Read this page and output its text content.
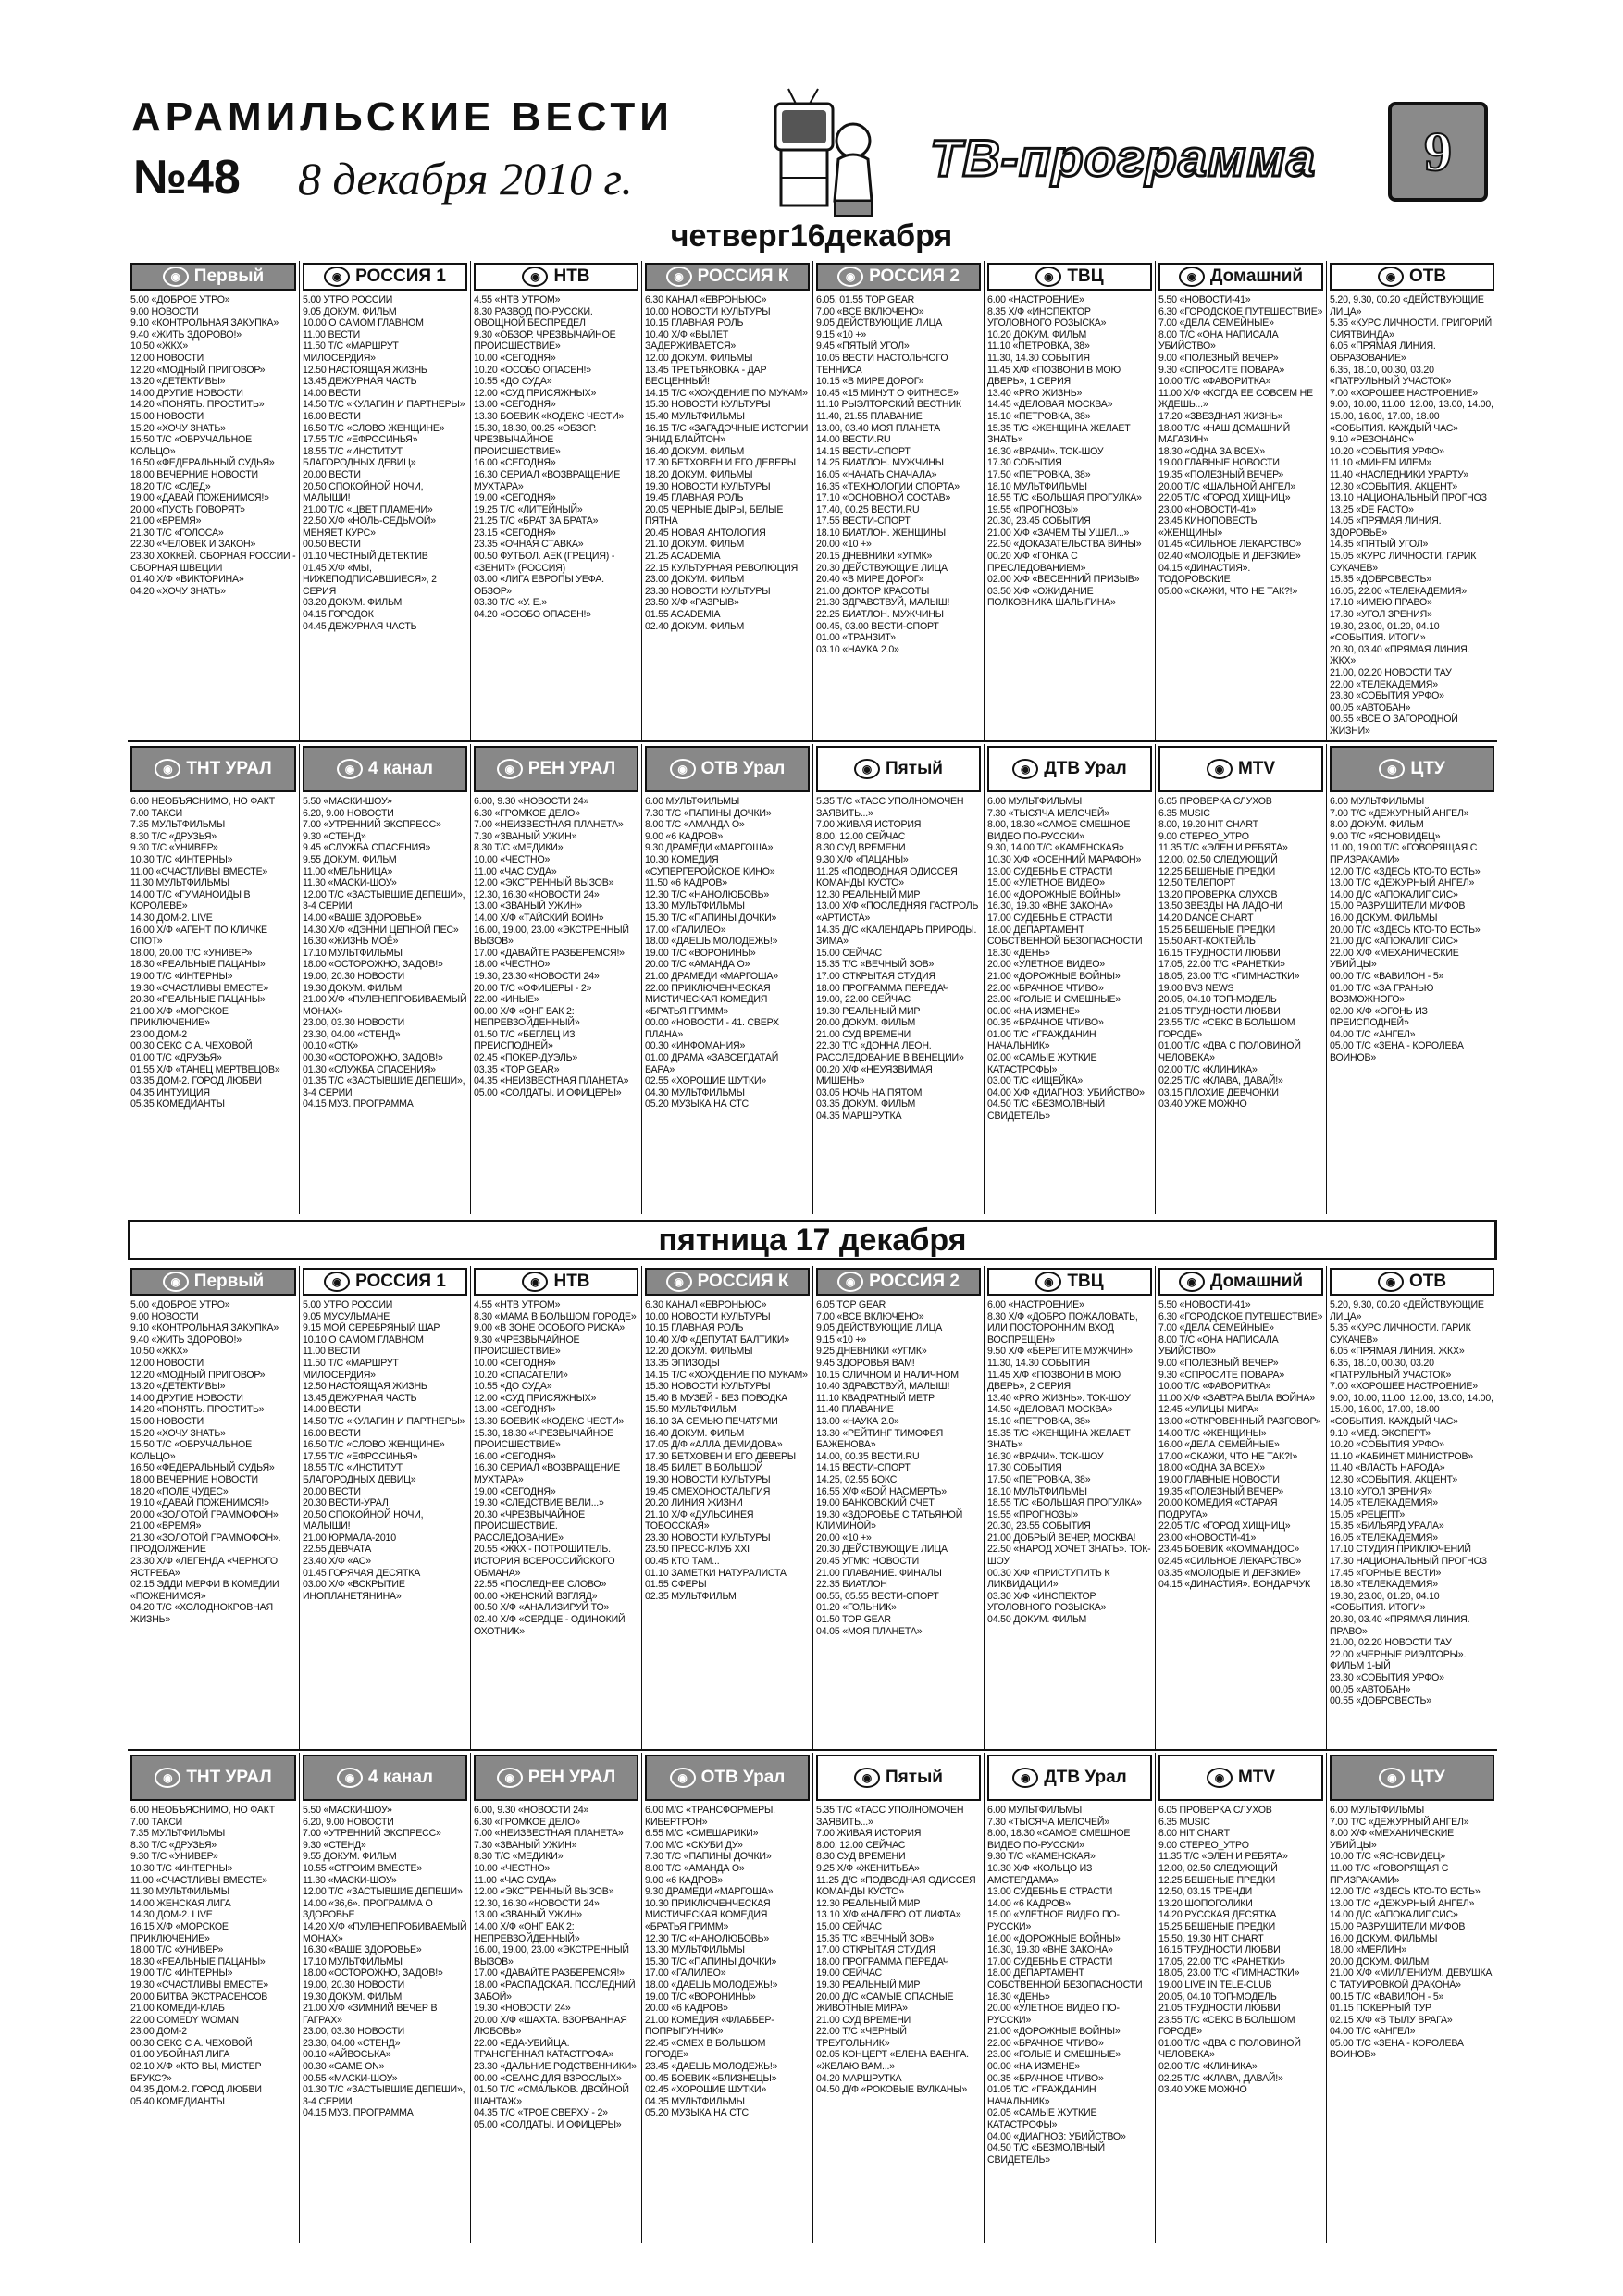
АРАМИЛЬСКИЕ ВЕСТИ
№48 8 декабря 2010 г.	ТВ-программа 9
четверг16декабря
◉ Первый
5.00 «ДОБРОЕ УТРО»
9.00 НОВОСТИ
9.10 «КОНТРОЛЬНАЯ ЗАКУПКА»
9.40 «ЖИТЬ ЗДОРОВО!»
10.50 «ЖКХ»
12.00 НОВОСТИ
12.20 «МОДНЫЙ ПРИГОВОР»
13.20 «ДЕТЕКТИВЫ»
14.00 ДРУГИЕ НОВОСТИ
14.20 «ПОНЯТЬ. ПРОСТИТЬ»
15.00 НОВОСТИ
15.20 «ХОЧУ ЗНАТЬ»
15.50 Т/С «ОБРУЧАЛЬНОЕ КОЛЬЦО»
16.50 «ФЕДЕРАЛЬНЫЙ СУДЬЯ»
18.00 ВЕЧЕРНИЕ НОВОСТИ
18.20 Т/С «СЛЕД»
19.00 «ДАВАЙ ПОЖЕНИМСЯ!»
20.00 «ПУСТЬ ГОВОРЯТ»
21.00 «ВРЕМЯ»
21.30 Т/С «ГОЛОСА»
22.30 «ЧЕЛОВЕК И ЗАКОН»
23.30 ХОККЕЙ. СБОРНАЯ РОССИИ - СБОРНАЯ ШВЕЦИИ
01.40 Х/Ф «ВИКТОРИНА»
04.20 «ХОЧУ ЗНАТЬ»
◉ РОССИЯ 1
5.00 УТРО РОССИИ
9.05 ДОКУМ. ФИЛЬМ
10.00 О САМОМ ГЛАВНОМ
11.00 ВЕСТИ
11.50 Т/С «МАРШРУТ МИЛОСЕРДИЯ»
12.50 НАСТОЯЩАЯ ЖИЗНЬ
13.45 ДЕЖУРНАЯ ЧАСТЬ
14.00 ВЕСТИ
14.50 Т/С «КУЛАГИН И ПАРТНЕРЫ»
16.00 ВЕСТИ
16.50 Т/С «СЛОВО ЖЕНЩИНЕ»
17.55 Т/С «ЕФРОСИНЬЯ»
18.55 Т/С «ИНСТИТУТ БЛАГОРОДНЫХ ДЕВИЦ»
20.00 ВЕСТИ
20.50 СПОКОЙНОЙ НОЧИ, МАЛЫШИ!
21.00 Т/С «ЦВЕТ ПЛАМЕНИ»
22.50 Х/Ф «НОЛЬ-СЕДЬМОЙ» МЕНЯЕТ КУРС»
00.50 ВЕСТИ
01.10 ЧЕСТНЫЙ ДЕТЕКТИВ
01.45 Х/Ф «МЫ, НИЖЕПОДПИСАВШИЕСЯ», 2 СЕРИЯ
03.20 ДОКУМ. ФИЛЬМ
04.15 ГОРОДОК
04.45 ДЕЖУРНАЯ ЧАСТЬ
◉ НТВ
4.55 «НТВ УТРОМ»
8.30 РАЗВОД ПО-РУССКИ. ОВОЩНОЙ БЕСПРЕДЕЛ
9.30 «ОБЗОР. ЧРЕЗВЫЧАЙНОЕ ПРОИСШЕСТВИЕ»
10.00 «СЕГОДНЯ»
10.20 «ОСОБО ОПАСЕН!»
10.55 «ДО СУДА»
12.00 «СУД ПРИСЯЖНЫХ»
13.00 «СЕГОДНЯ»
13.30 БОЕВИК «КОДЕКС ЧЕСТИ»
15.30, 18.30, 00.25 «ОБЗОР. ЧРЕЗВЫЧАЙНОЕ ПРОИСШЕСТВИЕ»
16.00 «СЕГОДНЯ»
16.30 СЕРИАЛ «ВОЗВРАЩЕНИЕ МУХТАРА»
19.00 «СЕГОДНЯ»
19.25 Т/С «ЛИТЕЙНЫЙ»
21.25 Т/С «БРАТ ЗА БРАТА»
23.15 «СЕГОДНЯ»
23.35 «ОЧНАЯ СТАВКА»
00.50 ФУТБОЛ. АЕК (ГРЕЦИЯ) - «ЗЕНИТ» (РОССИЯ)
03.00 «ЛИГА ЕВРОПЫ УЕФА. ОБЗОР»
03.30 Т/С «У. Е.»
04.20 «ОСОБО ОПАСЕН!»
◉ РОССИЯ К
6.30 КАНАЛ «ЕВРОНЬЮС»
10.00 НОВОСТИ КУЛЬТУРЫ
10.15 ГЛАВНАЯ РОЛЬ
10.40 Х/Ф «ВЫЛЕТ ЗАДЕРЖИВАЕТСЯ»
12.00 ДОКУМ. ФИЛЬМЫ
13.45 ТРЕТЬЯКОВКА - ДАР БЕСЦЕННЫЙ!
14.15 Т/С «ХОЖДЕНИЕ ПО МУКАМ»
15.30 НОВОСТИ КУЛЬТУРЫ
15.40 МУЛЬТФИЛЬМЫ
16.15 Т/С «ЗАГАДОЧНЫЕ ИСТОРИИ ЭНИД БЛАЙТОН»
16.40 ДОКУМ. ФИЛЬМ
17.30 БЕТХОВЕН И ЕГО ДЕВЕРЫ
18.20 ДОКУМ. ФИЛЬМЫ
19.30 НОВОСТИ КУЛЬТУРЫ
19.45 ГЛАВНАЯ РОЛЬ
20.05 ЧЕРНЫЕ ДЫРЫ, БЕЛЫЕ ПЯТНА
20.45 НОВАЯ АНТОЛОГИЯ
21.10 ДОКУМ. ФИЛЬМ
21.25 ACADEMIA
22.15 КУЛЬТУРНАЯ РЕВОЛЮЦИЯ
23.00 ДОКУМ. ФИЛЬМ
23.30 НОВОСТИ КУЛЬТУРЫ
23.50 Х/Ф «РАЗРЫВ»
01.55 ACADEMIA
02.40 ДОКУМ. ФИЛЬМ
◉ РОССИЯ 2
6.05, 01.55 TOP GEAR
7.00 «ВСЕ ВКЛЮЧЕНО»
9.05 ДЕЙСТВУЮЩИЕ ЛИЦА
9.15 «10 +»
9.45 «ПЯТЫЙ УГОЛ»
10.05 ВЕСТИ НАСТОЛЬНОГО ТЕННИСА
10.15 «В МИРЕ ДОРОГ»
10.45 «15 МИНУТ О ФИТНЕСЕ»
11.10 РЫЭЛТОРСКИЙ ВЕСТНИК
11.40, 21.55 ПЛАВАНИЕ
13.00, 03.40 МОЯ ПЛАНЕТА
14.00 ВЕСТИ.RU
14.15 ВЕСТИ-СПОРТ
14.25 БИАТЛОН. МУЖЧИНЫ
16.05 «НАЧАТЬ СНАЧАЛА»
16.35 «ТЕХНОЛОГИИ СПОРТА»
17.10 «ОСНОВНОЙ СОСТАВ»
17.40, 00.25 ВЕСТИ.RU
17.55 ВЕСТИ-СПОРТ
18.10 БИАТЛОН. ЖЕНЩИНЫ
20.00 «10 +»
20.15 ДНЕВНИКИ «УГМК»
20.30 ДЕЙСТВУЮЩИЕ ЛИЦА
20.40 «В МИРЕ ДОРОГ»
21.00 ДОКТОР КРАСОТЫ
21.30 ЗДРАВСТВУЙ, МАЛЫШ!
22.25 БИАТЛОН. МУЖЧИНЫ
00.45, 03.00 ВЕСТИ-СПОРТ
01.00 «ТРАНЗИТ»
03.10 «НАУКА 2.0»
◉ ТВЦ
6.00 «НАСТРОЕНИЕ»
8.35 Х/Ф «ИНСПЕКТОР УГОЛОВНОГО РОЗЫСКА»
10.20 ДОКУМ. ФИЛЬМ
11.10 «ПЕТРОВКА, 38»
11.30, 14.30 СОБЫТИЯ
11.45 Х/Ф «ПОЗВОНИ В МОЮ ДВЕРЬ», 1 СЕРИЯ
13.40 «PRO ЖИЗНЬ»
14.45 «ДЕЛОВАЯ МОСКВА»
15.10 «ПЕТРОВКА, 38»
15.35 Т/С «ЖЕНЩИНА ЖЕЛАЕТ ЗНАТЬ»
16.30 «ВРАЧИ». ТОК-ШОУ
17.30 СОБЫТИЯ
17.50 «ПЕТРОВКА, 38»
18.10 МУЛЬТФИЛЬМЫ
18.55 Т/С «БОЛЬШАЯ ПРОГУЛКА»
19.55 «ПРОГНОЗЫ»
20.30, 23.45 СОБЫТИЯ
21.00 Х/Ф «ЗАЧЕМ ТЫ УШЕЛ...»
22.50 «ДОКАЗАТЕЛЬСТВА ВИНЫ»
00.20 Х/Ф «ГОНКА С ПРЕСЛЕДОВАНИЕМ»
02.00 Х/Ф «ВЕСЕННИЙ ПРИЗЫВ»
03.50 Х/Ф «ОЖИДАНИЕ ПОЛКОВНИКА ШАЛЫГИНА»
◉ Домашний
5.50 «НОВОСТИ-41»
6.30 «ГОРОДСКОЕ ПУТЕШЕСТВИЕ»
7.00 «ДЕЛА СЕМЕЙНЫЕ»
8.00 Т/С «ОНА НАПИСАЛА УБИЙСТВО»
9.00 «ПОЛЕЗНЫЙ ВЕЧЕР»
9.30 «СПРОСИТЕ ПОВАРА»
10.00 Т/С «ФАВОРИТКА»
11.00 Х/Ф «КОГДА ЕЕ СОВСЕМ НЕ ЖДЕШЬ...»
17.20 «ЗВЕЗДНАЯ ЖИЗНЬ»
18.00 Т/С «НАШ ДОМАШНИЙ МАГАЗИН»
18.30 «ОДНА ЗА ВСЕХ»
19.00 ГЛАВНЫЕ НОВОСТИ
19.35 «ПОЛЕЗНЫЙ ВЕЧЕР»
20.00 Т/С «ШАЛЬНОЙ АНГЕЛ»
22.05 Т/С «ГОРОД ХИЩНИЦ»
23.00 «НОВОСТИ-41»
23.45 КИНОПОВЕСТЬ «ЖЕНЩИНЫ»
01.45 «СИЛЬНОЕ ЛЕКАРСТВО»
02.40 «МОЛОДЫЕ И ДЕРЗКИЕ»
04.15 «ДИНАСТИЯ». ТОДОРОВСКИЕ
05.00 «СКАЖИ, ЧТО НЕ ТАК?!»
◉ ОТВ
5.20, 9.30, 00.20 «ДЕЙСТВУЮЩИЕ ЛИЦА»
5.35 «КУРС ЛИЧНОСТИ. ГРИГОРИЙ СИЯТВИНДА»
6.05 «ПРЯМАЯ ЛИНИЯ. ОБРАЗОВАНИЕ»
6.35, 18.10, 00.30, 03.20 «ПАТРУЛЬНЫЙ УЧАСТОК»
7.00 «ХОРОШЕЕ НАСТРОЕНИЕ»
9.00, 10.00, 11.00, 12.00, 13.00, 14.00, 15.00, 16.00, 17.00, 18.00 «СОБЫТИЯ. КАЖДЫЙ ЧАС»
9.10 «РЕЗОНАНС»
10.20 «СОБЫТИЯ УРФО»
11.10 «МИНЕМ ИЛЕМ»
11.40 «НАСЛЕДНИКИ УРАРТУ»
12.30 «СОБЫТИЯ. АКЦЕНТ»
13.10 НАЦИОНАЛЬНЫЙ ПРОГНОЗ
13.25 «DE FACTO»
14.05 «ПРЯМАЯ ЛИНИЯ. ЗДОРОВЬЕ»
14.35 «ПЯТЫЙ УГОЛ»
15.05 «КУРС ЛИЧНОСТИ. ГАРИК СУКАЧЕВ»
15.35 «ДОБРОВЕСТЬ»
16.05, 22.00 «ТЕЛЕКАДЕМИЯ»
17.10 «ИМЕЮ ПРАВО»
17.30 «УГОЛ ЗРЕНИЯ»
19.30, 23.00, 01.20, 04.10 «СОБЫТИЯ. ИТОГИ»
20.30, 03.40 «ПРЯМАЯ ЛИНИЯ. ЖКХ»
21.00, 02.20 НОВОСТИ ТАУ
22.00 «ТЕЛЕКАДЕМИЯ»
23.30 «СОБЫТИЯ УРФО»
00.05 «АВТОБАН»
00.55 «ВСЕ О ЗАГОРОДНОЙ ЖИЗНИ»
◉ ТНТ УРАЛ
6.00 НЕОБЪЯСНИМО, НО ФАКТ
7.00 ТАКСИ
7.35 МУЛЬТФИЛЬМЫ
8.30 Т/С «ДРУЗЬЯ»
9.30 Т/С «УНИВЕР»
10.30 Т/С «ИНТЕРНЫ»
11.00 «СЧАСТЛИВЫ ВМЕСТЕ»
11.30 МУЛЬТФИЛЬМЫ
14.00 Т/С «ГУМАНОИДЫ В КОРОЛЕВЕ»
14.30 ДОМ-2. LIVE
16.00 Х/Ф «АГЕНТ ПО КЛИЧКЕ СПОТ»
18.00, 20.00 Т/С «УНИВЕР»
18.30 «РЕАЛЬНЫЕ ПАЦАНЫ»
19.00 Т/С «ИНТЕРНЫ»
19.30 «СЧАСТЛИВЫ ВМЕСТЕ»
20.30 «РЕАЛЬНЫЕ ПАЦАНЫ»
21.00 Х/Ф «МОРСКОЕ ПРИКЛЮЧЕНИЕ»
23.00 ДОМ-2
00.30 СЕКС С А. ЧЕХОВОЙ
01.00 Т/С «ДРУЗЬЯ»
01.55 Х/Ф «ТАНЕЦ МЕРТВЕЦОВ»
03.35 ДОМ-2. ГОРОД ЛЮБВИ
04.35 ИНТУИЦИЯ
05.35 КОМЕДИАНТЫ
◉ 4 канал
5.50 «МАСКИ-ШОУ»
6.20, 9.00 НОВОСТИ
7.00 «УТРЕННИЙ ЭКСПРЕСС»
9.30 «СТЕНД»
9.45 «СЛУЖБА СПАСЕНИЯ»
9.55 ДОКУМ. ФИЛЬМ
11.00 «МЕЛЬНИЦА»
11.30 «МАСКИ-ШОУ»
12.00 Т/С «ЗАСТЫВШИЕ ДЕПЕШИ», 3-4 СЕРИИ
14.00 «ВАШЕ ЗДОРОВЬЕ»
14.30 Х/Ф «ДЭННИ ЦЕПНОЙ ПЕС»
16.30 «ЖИЗНЬ МОЁ»
17.10 МУЛЬТФИЛЬМЫ
18.00 «ОСТОРОЖНО, ЗАДОВ!»
19.00, 20.30 НОВОСТИ
19.30 ДОКУМ. ФИЛЬМ
21.00 Х/Ф «ПУЛЕНЕПРОБИВАЕМЫЙ МОНАХ»
23.00, 03.30 НОВОСТИ
23.30, 04.00 «СТЕНД»
00.10 «ОТК»
00.30 «ОСТОРОЖНО, ЗАДОВ!»
01.30 «СЛУЖБА СПАСЕНИЯ»
01.35 Т/С «ЗАСТЫВШИЕ ДЕПЕШИ», 3-4 СЕРИИ
04.15 МУЗ. ПРОГРАММА
◉ РЕН УРАЛ
6.00, 9.30 «НОВОСТИ 24»
6.30 «ГРОМКОЕ ДЕЛО»
7.00 «НЕИЗВЕСТНАЯ ПЛАНЕТА»
7.30 «ЗВАНЫЙ УЖИН»
8.30 Т/С «МЕДИКИ»
10.00 «ЧЕСТНО»
11.00 «ЧАС СУДА»
12.00 «ЭКСТРЕННЫЙ ВЫЗОВ»
12.30, 16.30 «НОВОСТИ 24»
13.00 «ЗВАНЫЙ УЖИН»
14.00 Х/Ф «ТАЙСКИЙ ВОИН»
16.00, 19.00, 23.00 «ЭКСТРЕННЫЙ ВЫЗОВ»
17.00 «ДАВАЙТЕ РАЗБЕРЕМСЯ!»
18.00 «ЧЕСТНО»
19.30, 23.30 «НОВОСТИ 24»
20.00 Т/С «ОФИЦЕРЫ - 2»
22.00 «ИНЫЕ»
00.00 Х/Ф «ОНГ БАК 2: НЕПРЕВЗОЙДЕННЫЙ»
01.50 Т/С «БЕГЛЕЦ ИЗ ПРЕИСПОДНЕЙ»
02.45 «ПОКЕР-ДУЭЛЬ»
03.35 «TOP GEAR»
04.35 «НЕИЗВЕСТНАЯ ПЛАНЕТА»
05.00 «СОЛДАТЫ. И ОФИЦЕРЫ»
◉ ОТВ Урал
6.00 МУЛЬТФИЛЬМЫ
7.30 Т/С «ПАПИНЫ ДОЧКИ»
8.00 Т/С «АМАНДА О»
9.00 «6 КАДРОВ»
9.30 ДРАМЕДИ «МАРГОША»
10.30 КОМЕДИЯ «СУПЕРГЕРОЙСКОЕ КИНО»
11.50 «6 КАДРОВ»
12.30 Т/С «НАНОЛЮБОВЬ»
13.30 МУЛЬТФИЛЬМЫ
15.30 Т/С «ПАПИНЫ ДОЧКИ»
17.00 «ГАЛИЛЕО»
18.00 «ДАЕШЬ МОЛОДЕЖЬ!»
19.00 Т/С «ВОРОНИНЫ»
20.00 Т/С «АМАНДА О»
21.00 ДРАМЕДИ «МАРГОША»
22.00 ПРИКЛЮЧЕНЧЕСКАЯ МИСТИЧЕСКАЯ КОМЕДИЯ «БРАТЬЯ ГРИММ»
00.00 «НОВОСТИ - 41. СВЕРХ ПЛАНА»
00.30 «ИНФОМАНИЯ»
01.00 ДРАМА «ЗАВСЕГДАТАЙ БАРА»
02.55 «ХОРОШИЕ ШУТКИ»
04.30 МУЛЬТФИЛЬМЫ
05.20 МУЗЫКА НА СТС
◉ Пятый
5.35 Т/С «ТАСС УПОЛНОМОЧЕН ЗАЯВИТЬ...»
7.00 ЖИВАЯ ИСТОРИЯ
8.00, 12.00 СЕЙЧАС
8.30 СУД ВРЕМЕНИ
9.30 Х/Ф «ПАЦАНЫ»
11.25 «ПОДВОДНАЯ ОДИССЕЯ КОМАНДЫ КУСТО»
12.30 РЕАЛЬНЫЙ МИР
13.00 Х/Ф «ПОСЛЕДНЯЯ ГАСТРОЛЬ «АРТИСТА»
14.35 Д/С «КАЛЕНДАРЬ ПРИРОДЫ. ЗИМА»
15.00 СЕЙЧАС
15.35 Т/С «ВЕЧНЫЙ ЗОВ»
17.00 ОТКРЫТАЯ СТУДИЯ
18.00 ПРОГРАММА ПЕРЕДАЧ
19.00, 22.00 СЕЙЧАС
19.30 РЕАЛЬНЫЙ МИР
20.00 ДОКУМ. ФИЛЬМ
21.00 СУД ВРЕМЕНИ
22.30 Т/С «ДОННА ЛЕОН. РАССЛЕДОВАНИЕ В ВЕНЕЦИИ»
00.20 Х/Ф «НЕУЯЗВИМАЯ МИШЕНЬ»
03.05 НОЧЬ НА ПЯТОМ
03.35 ДОКУМ. ФИЛЬМ
04.35 МАРШРУТКА
◉ ДТВ Урал
6.00 МУЛЬТФИЛЬМЫ
7.30 «ТЫСЯЧА МЕЛОЧЕЙ»
8.00, 18.30 «САМОЕ СМЕШНОЕ ВИДЕО ПО-РУССКИ»
9.30, 14.00 Т/С «КАМЕНСКАЯ»
10.30 Х/Ф «ОСЕННИЙ МАРАФОН»
13.00 СУДЕБНЫЕ СТРАСТИ
15.00 «УЛЕТНОЕ ВИДЕО»
16.00 «ДОРОЖНЫЕ ВОЙНЫ»
16.30, 19.30 «ВНЕ ЗАКОНА»
17.00 СУДЕБНЫЕ СТРАСТИ
18.00 ДЕПАРТАМЕНТ СОБСТВЕННОЙ БЕЗОПАСНОСТИ
18.30 «ДЕНЬ»
20.00 «УЛЕТНОЕ ВИДЕО»
21.00 «ДОРОЖНЫЕ ВОЙНЫ»
22.00 «БРАЧНОЕ ЧТИВО»
23.00 «ГОЛЫЕ И СМЕШНЫЕ»
00.00 «НА ИЗМЕНЕ»
00.35 «БРАЧНОЕ ЧТИВО»
01.00 Т/С «ГРАЖДАНИН НАЧАЛЬНИК»
02.00 «САМЫЕ ЖУТКИЕ КАТАСТРОФЫ»
03.00 Т/С «ИЩЕЙКА»
04.00 Х/Ф «ДИАГНОЗ: УБИЙСТВО»
04.50 Т/С «БЕЗМОЛВНЫЙ СВИДЕТЕЛЬ»
◉ MTV
6.05 ПРОВЕРКА СЛУХОВ
6.35 MUSIC
8.00, 19.20 HIT CHART
9.00 СТЕРЕО_УТРО
11.35 Т/С «ЭЛЕН И РЕБЯТА»
12.00, 02.50 СЛЕДУЮЩИЙ
12.25 БЕШЕНЫЕ ПРЕДКИ
12.50 ТЕЛЕПОРТ
13.20 ПРОВЕРКА СЛУХОВ
13.50 ЗВЕЗДЫ НА ЛАДОНИ
14.20 DANCE CHART
15.25 БЕШЕНЫЕ ПРЕДКИ
15.50 ART-КОКТЕЙЛЬ
16.15 ТРУДНОСТИ ЛЮБВИ
17.05, 22.00 Т/С «РАНЕТКИ»
18.05, 23.00 Т/С «ГИМНАСТКИ»
19.00 BV3 NEWS
20.05, 04.10 ТОП-МОДЕЛЬ
21.05 ТРУДНОСТИ ЛЮБВИ
23.55 Т/С «СЕКС В БОЛЬШОМ ГОРОДЕ»
01.00 Т/С «ДВА С ПОЛОВИНОЙ ЧЕЛОВЕКА»
02.00 Т/С «КЛИНИКА»
02.25 Т/С «КЛАВА, ДАВАЙ!»
03.15 ПЛОХИЕ ДЕВЧОНКИ
03.40 УЖЕ МОЖНО
◉ ЦТУ
6.00 МУЛЬТФИЛЬМЫ
7.00 Т/С «ДЕЖУРНЫЙ АНГЕЛ»
8.00 ДОКУМ. ФИЛЬМ
9.00 Т/С «ЯСНОВИДЕЦ»
11.00, 19.00 Т/С «ГОВОРЯЩАЯ С ПРИЗРАКАМИ»
12.00 Т/С «ЗДЕСЬ КТО-ТО ЕСТЬ»
13.00 Т/С «ДЕЖУРНЫЙ АНГЕЛ»
14.00 Д/С «АПОКАЛИПСИС»
15.00 РАЗРУШИТЕЛИ МИФОВ
16.00 ДОКУМ. ФИЛЬМЫ
20.00 Т/С «ЗДЕСЬ КТО-ТО ЕСТЬ»
21.00 Д/С «АПОКАЛИПСИС»
22.00 Х/Ф «МЕХАНИЧЕСКИЕ УБИЙЦЫ»
00.00 Т/С «ВАВИЛОН - 5»
01.00 Т/С «ЗА ГРАНЬЮ ВОЗМОЖНОГО»
02.00 Х/Ф «ОГОНЬ ИЗ ПРЕИСПОДНЕЙ»
04.00 Т/С «АНГЕЛ»
05.00 Т/С «ЗЕНА - КОРОЛЕВА ВОИНОВ»
пятница 17 декабря
◉ Первый
5.00 «ДОБРОЕ УТРО»
9.00 НОВОСТИ
9.10 «КОНТРОЛЬНАЯ ЗАКУПКА»
9.40 «ЖИТЬ ЗДОРОВО!»
10.50 «ЖКХ»
12.00 НОВОСТИ
12.20 «МОДНЫЙ ПРИГОВОР»
13.20 «ДЕТЕКТИВЫ»
14.00 ДРУГИЕ НОВОСТИ
14.20 «ПОНЯТЬ. ПРОСТИТЬ»
15.00 НОВОСТИ
15.20 «ХОЧУ ЗНАТЬ»
15.50 Т/С «ОБРУЧАЛЬНОЕ КОЛЬЦО»
16.50 «ФЕДЕРАЛЬНЫЙ СУДЬЯ»
18.00 ВЕЧЕРНИЕ НОВОСТИ
18.20 «ПОЛЕ ЧУДЕС»
19.10 «ДАВАЙ ПОЖЕНИМСЯ!»
20.00 «ЗОЛОТОЙ ГРАММОФОН»
21.00 «ВРЕМЯ»
21.30 «ЗОЛОТОЙ ГРАММОФОН». ПРОДОЛЖЕНИЕ
23.30 Х/Ф «ЛЕГЕНДА «ЧЕРНОГО ЯСТРЕБА»
02.15 ЭДДИ МЕРФИ В КОМЕДИИ «ПОЖЕНИМСЯ»
04.20 Т/С «ХОЛОДНОКРОВНАЯ ЖИЗНЬ»
◉ РОССИЯ 1
5.00 УТРО РОССИИ
9.05 МУСУЛЬМАНЕ
9.15 МОЙ СЕРЕБРЯНЫЙ ШАР
10.10 О САМОМ ГЛАВНОМ
11.00 ВЕСТИ
11.50 Т/С «МАРШРУТ МИЛОСЕРДИЯ»
12.50 НАСТОЯЩАЯ ЖИЗНЬ
13.45 ДЕЖУРНАЯ ЧАСТЬ
14.00 ВЕСТИ
14.50 Т/С «КУЛАГИН И ПАРТНЕРЫ»
16.00 ВЕСТИ
16.50 Т/С «СЛОВО ЖЕНЩИНЕ»
17.55 Т/С «ЕФРОСИНЬЯ»
18.55 Т/С «ИНСТИТУТ БЛАГОРОДНЫХ ДЕВИЦ»
20.00 ВЕСТИ
20.30 ВЕСТИ-УРАЛ
20.50 СПОКОЙНОЙ НОЧИ, МАЛЫШИ!
21.00 ЮРМАЛА-2010
22.55 ДЕВЧАТА
23.40 Х/Ф «АС»
01.45 ГОРЯЧАЯ ДЕСЯТКА
03.00 Х/Ф «ВСКРЫТИЕ ИНОПЛАНЕТЯНИНА»
◉ НТВ
4.55 «НТВ УТРОМ»
8.30 «МАМА В БОЛЬШОМ ГОРОДЕ»
9.00 «В ЗОНЕ ОСОБОГО РИСКА»
9.30 «ЧРЕЗВЫЧАЙНОЕ ПРОИСШЕСТВИЕ»
10.00 «СЕГОДНЯ»
10.20 «СПАСАТЕЛИ»
10.55 «ДО СУДА»
12.00 «СУД ПРИСЯЖНЫХ»
13.00 «СЕГОДНЯ»
13.30 БОЕВИК «КОДЕКС ЧЕСТИ»
15.30, 18.30 «ЧРЕЗВЫЧАЙНОЕ ПРОИСШЕСТВИЕ»
16.00 «СЕГОДНЯ»
16.30 СЕРИАЛ «ВОЗВРАЩЕНИЕ МУХТАРА»
19.00 «СЕГОДНЯ»
19.30 «СЛЕДСТВИЕ ВЕЛИ...»
20.30 «ЧРЕЗВЫЧАЙНОЕ ПРОИСШЕСТВИЕ. РАССЛЕДОВАНИЕ»
20.55 «ЖКХ - ПОТРОШИТЕЛЬ. ИСТОРИЯ ВСЕРОССИЙСКОГО ОБМАНА»
22.55 «ПОСЛЕДНЕЕ СЛОВО»
00.00 «ЖЕНСКИЙ ВЗГЛЯД»
00.50 Х/Ф «АНАЛИЗИРУЙ ТО»
02.40 Х/Ф «СЕРДЦЕ - ОДИНОКИЙ ОХОТНИК»
◉ РОССИЯ К
6.30 КАНАЛ «ЕВРОНЬЮС»
10.00 НОВОСТИ КУЛЬТУРЫ
10.15 ГЛАВНАЯ РОЛЬ
10.40 Х/Ф «ДЕПУТАТ БАЛТИКИ»
12.20 ДОКУМ. ФИЛЬМЫ
13.35 ЭПИЗОДЫ
14.15 Т/С «ХОЖДЕНИЕ ПО МУКАМ»
15.30 НОВОСТИ КУЛЬТУРЫ
15.40 В МУЗЕЙ - БЕЗ ПОВОДКА
15.50 МУЛЬТФИЛЬМ
16.10 ЗА СЕМЬЮ ПЕЧАТЯМИ
16.40 ДОКУМ. ФИЛЬМ
17.05 Д/Ф «АЛЛА ДЕМИДОВА»
17.30 БЕТХОВЕН И ЕГО ДЕВЕРЫ
18.45 БИЛЕТ В БОЛЬШОЙ
19.30 НОВОСТИ КУЛЬТУРЫ
19.45 СМЕХОНОСТАЛЬГИЯ
20.20 ЛИНИЯ ЖИЗНИ
21.10 Х/Ф «ДУЛЬСИНЕЯ ТОБОССКАЯ»
23.30 НОВОСТИ КУЛЬТУРЫ
23.50 ПРЕСС-КЛУБ XXI
00.45 КТО ТАМ...
01.10 ЗАМЕТКИ НАТУРАЛИСТА
01.55 СФЕРЫ
02.35 МУЛЬТФИЛЬМ
◉ РОССИЯ 2
6.05 TOP GEAR
7.00 «ВСЕ ВКЛЮЧЕНО»
9.05 ДЕЙСТВУЮЩИЕ ЛИЦА
9.15 «10 +»
9.25 ДНЕВНИКИ «УГМК»
9.45 ЗДОРОВЬЯ ВАМ!
10.15 ОЛИЧНОМ И НАЛИЧНОМ
10.40 ЗДРАВСТВУЙ, МАЛЫШ!
11.10 КВАДРАТНЫЙ МЕТР
11.40 ПЛАВАНИЕ
13.00 «НАУКА 2.0»
13.30 «РЕЙТИНГ ТИМОФЕЯ БАЖЕНОВА»
14.00, 00.35 ВЕСТИ.RU
14.15 ВЕСТИ-СПОРТ
14.25, 02.55 БОКС
16.55 Х/Ф «БОЙ НАСМЕРТЬ»
19.00 БАНКОВСКИЙ СЧЕТ
19.30 «ЗДОРОВЬЕ С ТАТЬЯНОЙ КЛИМИНОЙ»
20.00 «10 +»
20.30 ДЕЙСТВУЮЩИЕ ЛИЦА
20.45 УГМК: НОВОСТИ
21.00 ПЛАВАНИЕ. ФИНАЛЫ
22.35 БИАТЛОН
00.55, 05.55 ВЕСТИ-СПОРТ
01.20 «ГОЛЬНИК»
01.50 TOP GEAR
04.05 «МОЯ ПЛАНЕТА»
◉ ТВЦ
6.00 «НАСТРОЕНИЕ»
8.30 Х/Ф «ДОБРО ПОЖАЛОВАТЬ, ИЛИ ПОСТОРОННИМ ВХОД ВОСПРЕЩЕН»
9.50 Х/Ф «БЕРЕГИТЕ МУЖЧИН»
11.30, 14.30 СОБЫТИЯ
11.45 Х/Ф «ПОЗВОНИ В МОЮ ДВЕРЬ», 2 СЕРИЯ
13.40 «PRO ЖИЗНЬ». ТОК-ШОУ
14.50 «ДЕЛОВАЯ МОСКВА»
15.10 «ПЕТРОВКА, 38»
15.35 Т/С «ЖЕНЩИНА ЖЕЛАЕТ ЗНАТЬ»
16.30 «ВРАЧИ». ТОК-ШОУ
17.30 СОБЫТИЯ
17.50 «ПЕТРОВКА, 38»
18.10 МУЛЬТФИЛЬМЫ
18.55 Т/С «БОЛЬШАЯ ПРОГУЛКА»
19.55 «ПРОГНОЗЫ»
20.30, 23.55 СОБЫТИЯ
21.00 ДОБРЫЙ ВЕЧЕР, МОСКВА!
22.50 «НАРОД ХОЧЕТ ЗНАТЬ». ТОК-ШОУ
00.30 Х/Ф «ПРИСТУПИТЬ К ЛИКВИДАЦИИ»
03.30 Х/Ф «ИНСПЕКТОР УГОЛОВНОГО РОЗЫСКА»
04.50 ДОКУМ. ФИЛЬМ
◉ Домашний
5.50 «НОВОСТИ-41»
6.30 «ГОРОДСКОЕ ПУТЕШЕСТВИЕ»
7.00 «ДЕЛА СЕМЕЙНЫЕ»
8.00 Т/С «ОНА НАПИСАЛА УБИЙСТВО»
9.00 «ПОЛЕЗНЫЙ ВЕЧЕР»
9.30 «СПРОСИТЕ ПОВАРА»
10.00 Т/С «ФАВОРИТКА»
11.00 Х/Ф «ЗАВТРА БЫЛА ВОЙНА»
12.45 «УЛИЦЫ МИРА»
13.00 «ОТКРОВЕННЫЙ РАЗГОВОР»
14.00 Т/С «ЖЕНЩИНЫ»
16.00 «ДЕЛА СЕМЕЙНЫЕ»
17.00 «СКАЖИ, ЧТО НЕ ТАК?!»
18.00 «ОДНА ЗА ВСЕХ»
19.00 ГЛАВНЫЕ НОВОСТИ
19.35 «ПОЛЕЗНЫЙ ВЕЧЕР»
20.00 КОМЕДИЯ «СТАРАЯ ПОДРУГА»
22.05 Т/С «ГОРОД ХИЩНИЦ»
23.00 «НОВОСТИ-41»
23.45 БОЕВИК «КОММАНДОС»
02.45 «СИЛЬНОЕ ЛЕКАРСТВО»
03.35 «МОЛОДЫЕ И ДЕРЗКИЕ»
04.15 «ДИНАСТИЯ». БОНДАРЧУК
◉ ОТВ
5.20, 9.30, 00.20 «ДЕЙСТВУЮЩИЕ ЛИЦА»
5.35 «КУРС ЛИЧНОСТИ. ГАРИК СУКАЧЕВ»
6.05 «ПРЯМАЯ ЛИНИЯ. ЖКХ»
6.35, 18.10, 00.30, 03.20 «ПАТРУЛЬНЫЙ УЧАСТОК»
7.00 «ХОРОШЕЕ НАСТРОЕНИЕ»
9.00, 10.00, 11.00, 12.00, 13.00, 14.00, 15.00, 16.00, 17.00, 18.00 «СОБЫТИЯ. КАЖДЫЙ ЧАС»
9.10 «МЕД. ЭКСПЕРТ»
10.20 «СОБЫТИЯ УРФО»
11.10 «КАБИНЕТ МИНИСТРОВ»
11.40 «ВЛАСТЬ НАРОДА»
12.30 «СОБЫТИЯ. АКЦЕНТ»
13.10 «УГОЛ ЗРЕНИЯ»
14.05 «ТЕЛЕКАДЕМИЯ»
15.05 «РЕЦЕПТ»
15.35 «БИЛЬЯРД УРАЛА»
16.05 «ТЕЛЕКАДЕМИЯ»
17.10 СТУДИЯ ПРИКЛЮЧЕНИЙ
17.30 НАЦИОНАЛЬНЫЙ ПРОГНОЗ
17.45 «ГОРНЫЕ ВЕСТИ»
18.30 «ТЕЛЕКАДЕМИЯ»
19.30, 23.00, 01.20, 04.10 «СОБЫТИЯ. ИТОГИ»
20.30, 03.40 «ПРЯМАЯ ЛИНИЯ. ПРАВО»
21.00, 02.20 НОВОСТИ ТАУ
22.00 «ЧЕРНЫЕ РИЭЛТОРЫ». ФИЛЬМ 1-ЫЙ
23.30 «СОБЫТИЯ УРФО»
00.05 «АВТОБАН»
00.55 «ДОБРОВЕСТЬ»
◉ ТНТ УРАЛ
6.00 НЕОБЪЯСНИМО, НО ФАКТ
7.00 ТАКСИ
7.35 МУЛЬТФИЛЬМЫ
8.30 Т/С «ДРУЗЬЯ»
9.30 Т/С «УНИВЕР»
10.30 Т/С «ИНТЕРНЫ»
11.00 «СЧАСТЛИВЫ ВМЕСТЕ»
11.30 МУЛЬТФИЛЬМЫ
14.00 ЖЕНСКАЯ ЛИГА
14.30 ДОМ-2. LIVE
16.15 Х/Ф «МОРСКОЕ ПРИКЛЮЧЕНИЕ»
18.00 Т/С «УНИВЕР»
18.30 «РЕАЛЬНЫЕ ПАЦАНЫ»
19.00 Т/С «ИНТЕРНЫ»
19.30 «СЧАСТЛИВЫ ВМЕСТЕ»
20.00 БИТВА ЭКСТРАСЕНСОВ
21.00 КОМЕДИ-КЛАБ
22.00 COMEDY WOMAN
23.00 ДОМ-2
00.30 СЕКС С А. ЧЕХОВОЙ
01.00 УБОЙНАЯ ЛИГА
02.10 Х/Ф «КТО ВЫ, МИСТЕР БРУКС?»
04.35 ДОМ-2. ГОРОД ЛЮБВИ
05.40 КОМЕДИАНТЫ
◉ 4 канал
5.50 «МАСКИ-ШОУ»
6.20, 9.00 НОВОСТИ
7.00 «УТРЕННИЙ ЭКСПРЕСС»
9.30 «СТЕНД»
9.55 ДОКУМ. ФИЛЬМ
10.55 «СТРОИМ ВМЕСТЕ»
11.30 «МАСКИ-ШОУ»
12.00 Т/С «ЗАСТЫВШИЕ ДЕПЕШИ»
14.00 «36,6». ПРОГРАММА О ЗДОРОВЬЕ
14.20 Х/Ф «ПУЛЕНЕПРОБИВАЕМЫЙ МОНАХ»
16.30 «ВАШЕ ЗДОРОВЬЕ»
17.10 МУЛЬТФИЛЬМЫ
18.00 «ОСТОРОЖНО, ЗАДОВ!»
19.00, 20.30 НОВОСТИ
19.30 ДОКУМ. ФИЛЬМ
21.00 Х/Ф «ЗИМНИЙ ВЕЧЕР В ГАГРАХ»
23.00, 03.30 НОВОСТИ
23.30, 04.00 «СТЕНД»
00.10 «АЙВОСЬКА»
00.30 «GAME ON»
00.55 «МАСКИ-ШОУ»
01.30 Т/С «ЗАСТЫВШИЕ ДЕПЕШИ», 3-4 СЕРИИ
04.15 МУЗ. ПРОГРАММА
◉ РЕН УРАЛ
6.00, 9.30 «НОВОСТИ 24»
6.30 «ГРОМКОЕ ДЕЛО»
7.00 «НЕИЗВЕСТНАЯ ПЛАНЕТА»
7.30 «ЗВАНЫЙ УЖИН»
8.30 Т/С «МЕДИКИ»
10.00 «ЧЕСТНО»
11.00 «ЧАС СУДА»
12.00 «ЭКСТРЕННЫЙ ВЫЗОВ»
12.30, 16.30 «НОВОСТИ 24»
13.00 «ЗВАНЫЙ УЖИН»
14.00 Х/Ф «ОНГ БАК 2: НЕПРЕВЗОЙДЕННЫЙ»
16.00, 19.00, 23.00 «ЭКСТРЕННЫЙ ВЫЗОВ»
17.00 «ДАВАЙТЕ РАЗБЕРЕМСЯ!»
18.00 «РАСПАДСКАЯ. ПОСЛЕДНИЙ ЗАБОЙ»
19.30 «НОВОСТИ 24»
20.00 Х/Ф «ШАХТА. ВЗОРВАННАЯ ЛЮБОВЬ»
22.00 «ЕДА-УБИЙЦА. ТРАНСГЕННАЯ КАТАСТРОФА»
23.30 «ДАЛЬНИЕ РОДСТВЕННИКИ»
00.00 «СЕАНС ДЛЯ ВЗРОСЛЫХ»
01.50 Т/С «СМАЛЬКОВ. ДВОЙНОЙ ШАНТАЖ»
04.35 Т/С «ТРОЕ СВЕРХУ - 2»
05.00 «СОЛДАТЫ. И ОФИЦЕРЫ»
◉ ОТВ Урал
6.00 М/С «ТРАНСФОРМЕРЫ. КИБЕРТРОН»
6.55 М/С «СМЕШАРИКИ»
7.00 М/С «СКУБИ ДУ»
7.30 Т/С «ПАПИНЫ ДОЧКИ»
8.00 Т/С «АМАНДА О»
9.00 «6 КАДРОВ»
9.30 ДРАМЕДИ «МАРГОША»
10.30 ПРИКЛЮЧЕНЧЕСКАЯ МИСТИЧЕСКАЯ КОМЕДИЯ «БРАТЬЯ ГРИММ»
12.30 Т/С «НАНОЛЮБОВЬ»
13.30 МУЛЬТФИЛЬМЫ
15.30 Т/С «ПАПИНЫ ДОЧКИ»
17.00 «ГАЛИЛЕО»
18.00 «ДАЕШЬ МОЛОДЕЖЬ!»
19.00 Т/С «ВОРОНИНЫ»
20.00 «6 КАДРОВ»
21.00 КОМЕДИЯ «ФЛАББЕР-ПОПРЫГУНЧИК»
22.45 «СМЕХ В БОЛЬШОМ ГОРОДЕ»
23.45 «ДАЕШЬ МОЛОДЕЖЬ!»
00.45 БОЕВИК «БЛИЗНЕЦЫ»
02.45 «ХОРОШИЕ ШУТКИ»
04.35 МУЛЬТФИЛЬМЫ
05.20 МУЗЫКА НА СТС
◉ Пятый
5.35 Т/С «ТАСС УПОЛНОМОЧЕН ЗАЯВИТЬ...»
7.00 ЖИВАЯ ИСТОРИЯ
8.00, 12.00 СЕЙЧАС
8.30 СУД ВРЕМЕНИ
9.25 Х/Ф «ЖЕНИТЬБА»
11.25 Д/С «ПОДВОДНАЯ ОДИССЕЯ КОМАНДЫ КУСТО»
12.30 РЕАЛЬНЫЙ МИР
13.10 Х/Ф «НАЛЕВО ОТ ЛИФТА»
15.00 СЕЙЧАС
15.35 Т/С «ВЕЧНЫЙ ЗОВ»
17.00 ОТКРЫТАЯ СТУДИЯ
18.00 ПРОГРАММА ПЕРЕДАЧ
19.00 СЕЙЧАС
19.30 РЕАЛЬНЫЙ МИР
20.00 Д/С «САМЫЕ ОПАСНЫЕ ЖИВОТНЫЕ МИРА»
21.00 СУД ВРЕМЕНИ
22.00 Т/С «ЧЕРНЫЙ ТРЕУГОЛЬНИК»
02.05 КОНЦЕРТ «ЕЛЕНА ВАЕНГА. «ЖЕЛАЮ ВАМ...»
04.20 МАРШРУТКА
04.50 Д/Ф «РОКОВЫЕ ВУЛКАНЫ»
◉ ДТВ Урал
6.00 МУЛЬТФИЛЬМЫ
7.30 «ТЫСЯЧА МЕЛОЧЕЙ»
8.00, 18.30 «САМОЕ СМЕШНОЕ ВИДЕО ПО-РУССКИ»
9.30 Т/С «КАМЕНСКАЯ»
10.30 Х/Ф «КОЛЬЦО ИЗ АМСТЕРДАМА»
13.00 СУДЕБНЫЕ СТРАСТИ
14.00 «6 КАДРОВ»
15.00 «УЛЕТНОЕ ВИДЕО ПО-РУССКИ»
16.00 «ДОРОЖНЫЕ ВОЙНЫ»
16.30, 19.30 «ВНЕ ЗАКОНА»
17.00 СУДЕБНЫЕ СТРАСТИ
18.00 ДЕПАРТАМЕНТ СОБСТВЕННОЙ БЕЗОПАСНОСТИ
18.30 «ДЕНЬ»
20.00 «УЛЕТНОЕ ВИДЕО ПО-РУССКИ»
21.00 «ДОРОЖНЫЕ ВОЙНЫ»
22.00 «БРАЧНОЕ ЧТИВО»
23.00 «ГОЛЫЕ И СМЕШНЫЕ»
00.00 «НА ИЗМЕНЕ»
00.35 «БРАЧНОЕ ЧТИВО»
01.05 Т/С «ГРАЖДАНИН НАЧАЛЬНИК»
02.05 «САМЫЕ ЖУТКИЕ КАТАСТРОФЫ»
04.00 «ДИАГНОЗ: УБИЙСТВО»
04.50 Т/С «БЕЗМОЛВНЫЙ СВИДЕТЕЛЬ»
◉ MTV
6.05 ПРОВЕРКА СЛУХОВ
6.35 MUSIC
8.00 HIT CHART
9.00 СТЕРЕО_УТРО
11.35 Т/С «ЭЛЕН И РЕБЯТА»
12.00, 02.50 СЛЕДУЮЩИЙ
12.25 БЕШЕНЫЕ ПРЕДКИ
12.50, 03.15 ТРЕНДИ
13.20 ШОПОГОЛИКИ
14.20 РУССКАЯ ДЕСЯТКА
15.25 БЕШЕНЫЕ ПРЕДКИ
15.50, 19.30 HIT CHART
16.15 ТРУДНОСТИ ЛЮБВИ
17.05, 22.00 Т/С «РАНЕТКИ»
18.05, 23.00 Т/С «ГИМНАСТКИ»
19.00 LIVE IN TELE-CLUB
20.05, 04.10 ТОП-МОДЕЛЬ
21.05 ТРУДНОСТИ ЛЮБВИ
23.55 Т/С «СЕКС В БОЛЬШОМ ГОРОДЕ»
01.00 Т/С «ДВА С ПОЛОВИНОЙ ЧЕЛОВЕКА»
02.00 Т/С «КЛИНИКА»
02.25 Т/С «КЛАВА, ДАВАЙ!»
03.40 УЖЕ МОЖНО
◉ ЦТУ
6.00 МУЛЬТФИЛЬМЫ
7.00 Т/С «ДЕЖУРНЫЙ АНГЕЛ»
8.00 Х/Ф «МЕХАНИЧЕСКИЕ УБИЙЦЫ»
10.00 Т/С «ЯСНОВИДЕЦ»
11.00 Т/С «ГОВОРЯЩАЯ С ПРИЗРАКАМИ»
12.00 Т/С «ЗДЕСЬ КТО-ТО ЕСТЬ»
13.00 Т/С «ДЕЖУРНЫЙ АНГЕЛ»
14.00 Д/С «АПОКАЛИПСИС»
15.00 РАЗРУШИТЕЛИ МИФОВ
16.00 ДОКУМ. ФИЛЬМЫ
18.00 «МЕРЛИН»
20.00 ДОКУМ. ФИЛЬМ
21.00 Х/Ф «МИЛЛЕНИУМ. ДЕВУШКА С ТАТУИРОВКОЙ ДРАКОНА»
00.15 Т/С «ВАВИЛОН - 5»
01.15 ПОКЕРНЫЙ ТУР
02.15 Х/Ф «В ТЫЛУ ВРАГА»
04.00 Т/С «АНГЕЛ»
05.00 Т/С «ЗЕНА - КОРОЛЕВА ВОИНОВ»
